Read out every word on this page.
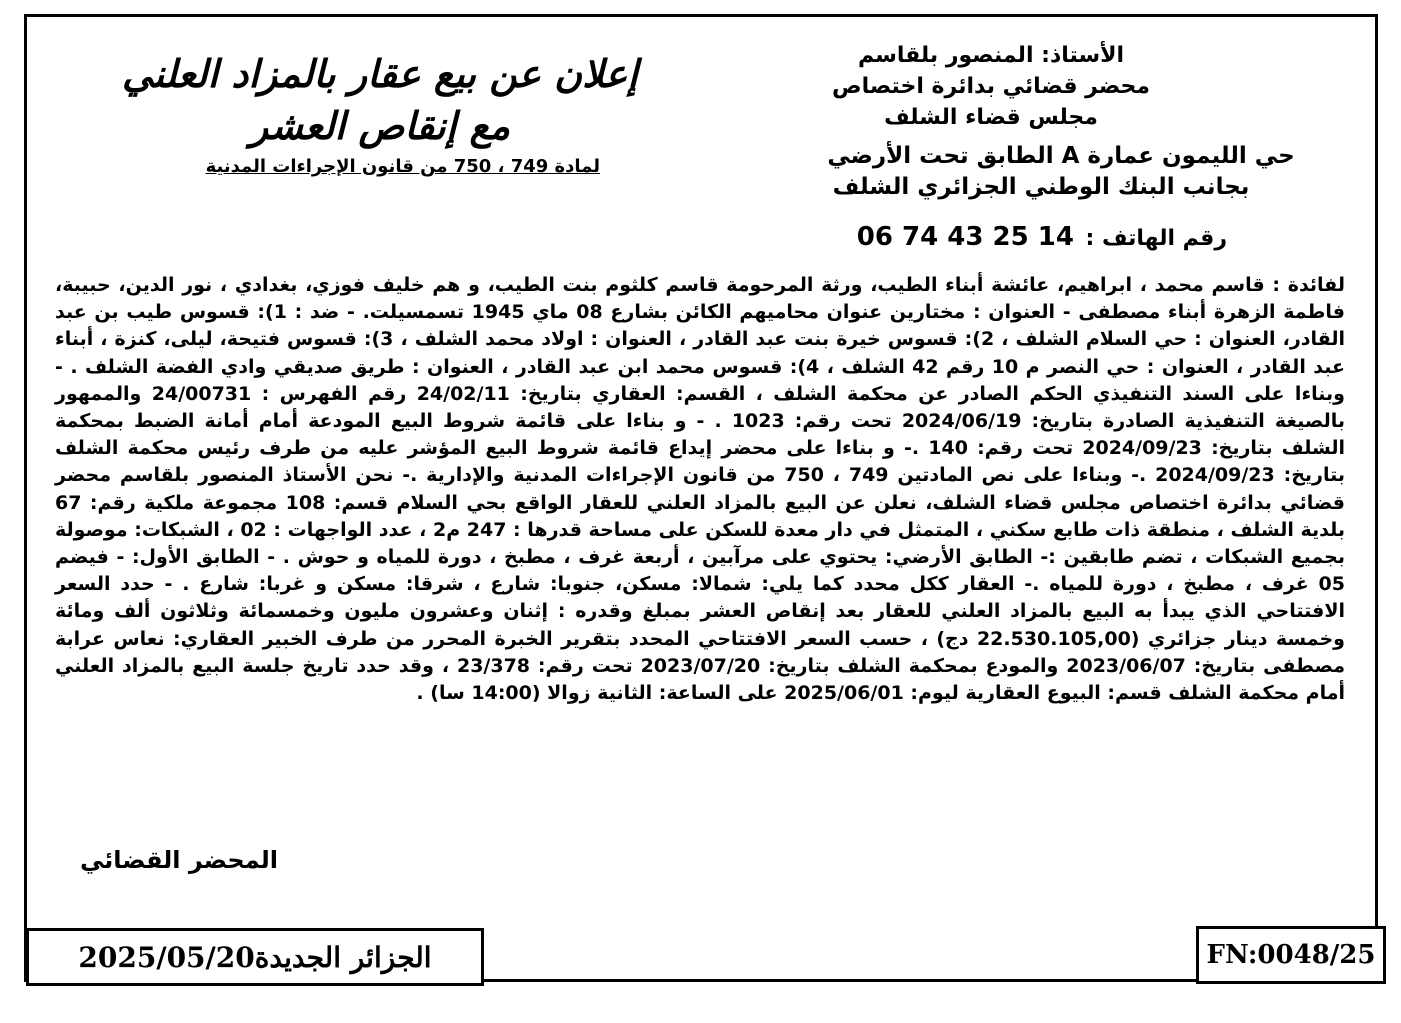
الأستاذ: المنصور بلقاسم
محضر قضائي بدائرة اختصاص
مجلس قضاء الشلف
حي الليمون عمارة A الطابق تحت الأرضي
بجانب البنك الوطني الجزائري الشلف
رقم الهاتف : 06 74 43 25 14
إعلان عن بيع عقار بالمزاد العلني
مع إنقاص العشر
لمادة 749 ، 750 من قانون الإجراءات المدنية
لفائدة : قاسم محمد ، ابراهيم، عائشة أبناء الطيب، ورثة المرحومة قاسم كلثوم بنت الطيب، و هم خليف فوزي، بغدادي ، نور الدين، حبيبة، فاطمة الزهرة أبناء مصطفى - العنوان : مختارين عنوان محاميهم الكائن بشارع 08 ماي 1945 تسمسيلت. - ضد : 1): قسوس طيب بن عبد القادر، العنوان : حي السلام الشلف ، 2): قسوس خيرة بنت عبد القادر ، العنوان : اولاد محمد الشلف ، 3): قسوس فتيحة، ليلى، كنزة ، أبناء عبد القادر ، العنوان : حي النصر م 10 رقم 42 الشلف ، 4): قسوس محمد ابن عبد القادر ، العنوان : طريق صديقي وادي الفضة الشلف . - وبناءا على السند التنفيذي الحكم الصادر عن محكمة الشلف ، القسم: العقاري بتاريخ: 24/02/11 رقم الفهرس : 24/00731 والممهور بالصيغة التنفيذية الصادرة بتاريخ: 2024/06/19 تحت رقم: 1023 . - و بناءا على قائمة شروط البيع المودعة أمام أمانة الضبط بمحكمة الشلف بتاريخ: 2024/09/23 تحت رقم: 140 .- و بناءا على محضر إيداع قائمة شروط البيع المؤشر عليه من طرف رئيس محكمة الشلف بتاريخ: 2024/09/23 .- وبناءا على نص المادتين 749 ، 750 من قانون الإجراءات المدنية والإدارية .- نحن الأستاذ المنصور بلقاسم محضر قضائي بدائرة اختصاص مجلس قضاء الشلف، نعلن عن البيع بالمزاد العلني للعقار الواقع بحي السلام قسم: 108 مجموعة ملكية رقم: 67 بلدية الشلف ، منطقة ذات طابع سكني ، المتمثل في دار معدة للسكن على مساحة قدرها : 247 م2 ، عدد الواجهات : 02 ، الشبكات: موصولة بجميع الشبكات ، تضم طابقين :- الطابق الأرضي: يحتوي على مرآبين ، أربعة غرف ، مطبخ ، دورة للمياه و حوش . - الطابق الأول: - فيضم 05 غرف ، مطبخ ، دورة للمياه .- العقار ككل محدد كما يلي: شمالا: مسكن، جنوبا: شارع ، شرقا: مسكن و غربا: شارع . - حدد السعر الافتتاحي الذي يبدأ به البيع بالمزاد العلني للعقار بعد إنقاص العشر بمبلغ وقدره : إثنان وعشرون مليون وخمسمائة وثلاثون ألف ومائة وخمسة دينار جزائري (22.530.105,00 دج) ، حسب السعر الافتتاحي المحدد بتقرير الخبرة المحرر من طرف الخبير العقاري: نعاس عرابة مصطفى بتاريخ: 2023/06/07 والمودع بمحكمة الشلف بتاريخ: 2023/07/20 تحت رقم: 23/378 ، وقد حدد تاريخ جلسة البيع بالمزاد العلني أمام محكمة الشلف قسم: البيوع العقارية ليوم: 2025/06/01 على الساعة: الثانية زوالا (14:00 سا) .
المحضر القضائي
الجزائر الجديدة2025/05/20	FN:0048/25
